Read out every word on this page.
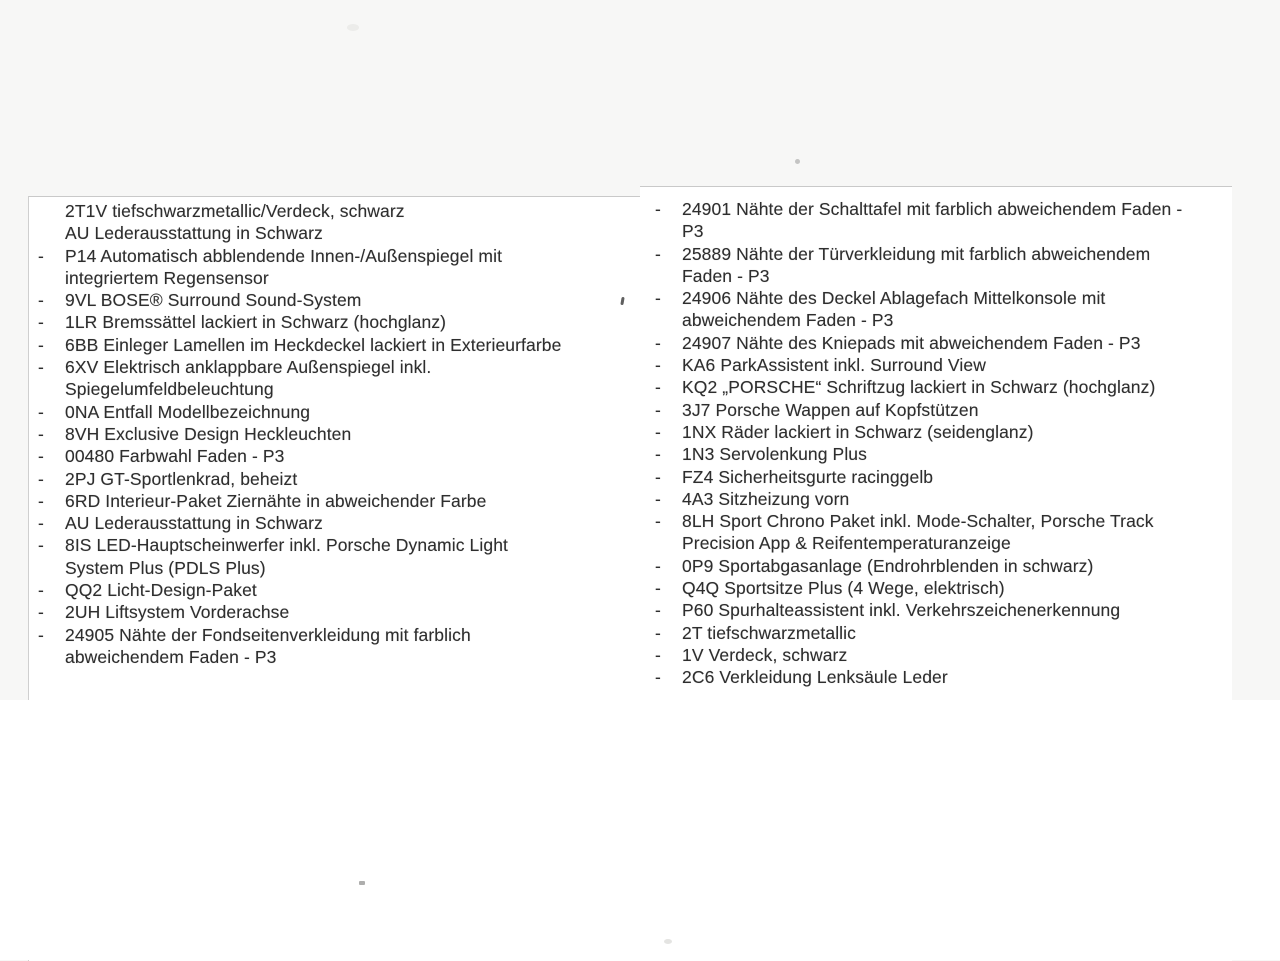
2T1V tiefschwarzmetallic/Verdeck, schwarz
AU Lederausstattung in Schwarz
-	P14 Automatisch abblendende Innen-/Außenspiegel mit
integriertem Regensensor
-	9VL BOSE® Surround Sound-System
-	1LR Bremssättel lackiert in Schwarz (hochglanz)
-	6BB Einleger Lamellen im Heckdeckel lackiert in Exterieurfarbe
-	6XV Elektrisch anklappbare Außenspiegel inkl.
Spiegelumfeldbeleuchtung
-	0NA Entfall Modellbezeichnung
-	8VH Exclusive Design Heckleuchten
-	00480 Farbwahl Faden - P3
-	2PJ GT-Sportlenkrad, beheizt
-	6RD Interieur-Paket Ziernähte in abweichender Farbe
-	AU Lederausstattung in Schwarz
-	8IS LED-Hauptscheinwerfer inkl. Porsche Dynamic Light
System Plus (PDLS Plus)
-	QQ2 Licht-Design-Paket
-	2UH Liftsystem Vorderachse
-	24905 Nähte der Fondseitenverkleidung mit farblich
abweichendem Faden - P3
-	24901 Nähte der Schalttafel mit farblich abweichendem Faden -
P3
-	25889 Nähte der Türverkleidung mit farblich abweichendem
Faden - P3
-	24906 Nähte des Deckel Ablagefach Mittelkonsole mit
abweichendem Faden - P3
-	24907 Nähte des Kniepads mit abweichendem Faden - P3
-	KA6 ParkAssistent inkl. Surround View
-	KQ2 „PORSCHE“ Schriftzug lackiert in Schwarz (hochglanz)
-	3J7 Porsche Wappen auf Kopfstützen
-	1NX Räder lackiert in Schwarz (seidenglanz)
-	1N3 Servolenkung Plus
-	FZ4 Sicherheitsgurte racinggelb
-	4A3 Sitzheizung vorn
-	8LH Sport Chrono Paket inkl. Mode-Schalter, Porsche Track
Precision App & Reifentemperaturanzeige
-	0P9 Sportabgasanlage (Endrohrblenden in schwarz)
-	Q4Q Sportsitze Plus (4 Wege, elektrisch)
-	P60 Spurhalteassistent inkl. Verkehrszeichenerkennung
-	2T tiefschwarzmetallic
-	1V Verdeck, schwarz
-	2C6 Verkleidung Lenksäule Leder
